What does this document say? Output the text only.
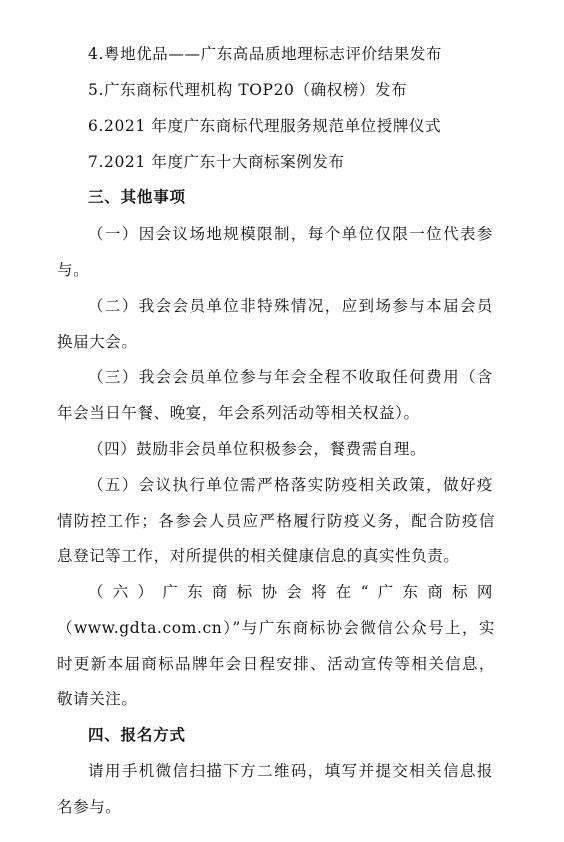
4.粤地优品——广东高品质地理标志评价结果发布
5.广东商标代理机构 TOP20（确权榜）发布
6.2021 年度广东商标代理服务规范单位授牌仪式
7.2021 年度广东十大商标案例发布
三、其他事项
（一）因会议场地规模限制，每个单位仅限一位代表参
与。
（二）我会会员单位非特殊情况，应到场参与本届会员
换届大会。
（三）我会会员单位参与年会全程不收取任何费用（含
年会当日午餐、晚宴，年会系列活动等相关权益）。
（四）鼓励非会员单位积极参会，餐费需自理。
（五）会议执行单位需严格落实防疫相关政策，做好疫
情防控工作；各参会人员应严格履行防疫义务，配合防疫信
息登记等工作，对所提供的相关健康信息的真实性负责。
（六）广东商标协会将在“广东商标网
（www.gdta.com.cn）”与广东商标协会微信公众号上，实
时更新本届商标品牌年会日程安排、活动宣传等相关信息，
敬请关注。
四、报名方式
请用手机微信扫描下方二维码，填写并提交相关信息报
名参与。
